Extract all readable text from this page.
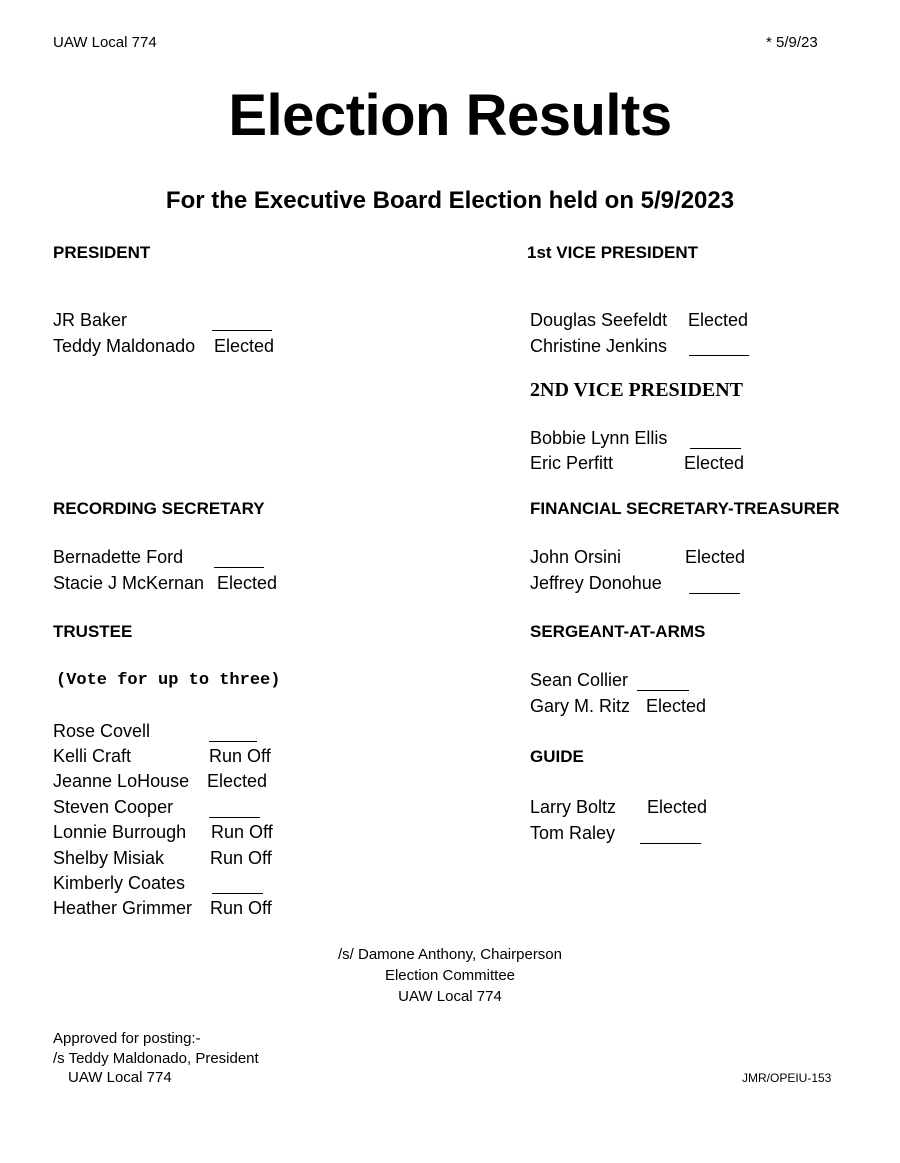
UAW Local 774	* 5/9/23
Election Results
For the Executive Board Election held on 5/9/2023
PRESIDENT
JR Baker
Teddy Maldonado Elected
1st VICE PRESIDENT
Douglas Seefeldt Elected
Christine Jenkins
2ND VICE PRESIDENT
Bobbie Lynn Ellis
Eric Perfitt	Elected
RECORDING SECRETARY
Bernadette Ford
Stacie J McKernan Elected
FINANCIAL SECRETARY-TREASURER
John Orsini	Elected
Jeffrey Donohue
TRUSTEE
(Vote for up to three)
Rose Covell
Kelli Craft	Run Off
Jeanne LoHouse Elected
Steven Cooper
Lonnie Burrough Run Off
Shelby Misiak	Run Off
Kimberly Coates
Heather Grimmer Run Off
SERGEANT-AT-ARMS
Sean Collier
Gary M. Ritz Elected
GUIDE
Larry Boltz Elected
Tom Raley
/s/ Damone Anthony, Chairperson
Election Committee
UAW Local 774
Approved for posting:-
/s Teddy Maldonado, President
UAW Local 774	JMR/OPEIU-153
